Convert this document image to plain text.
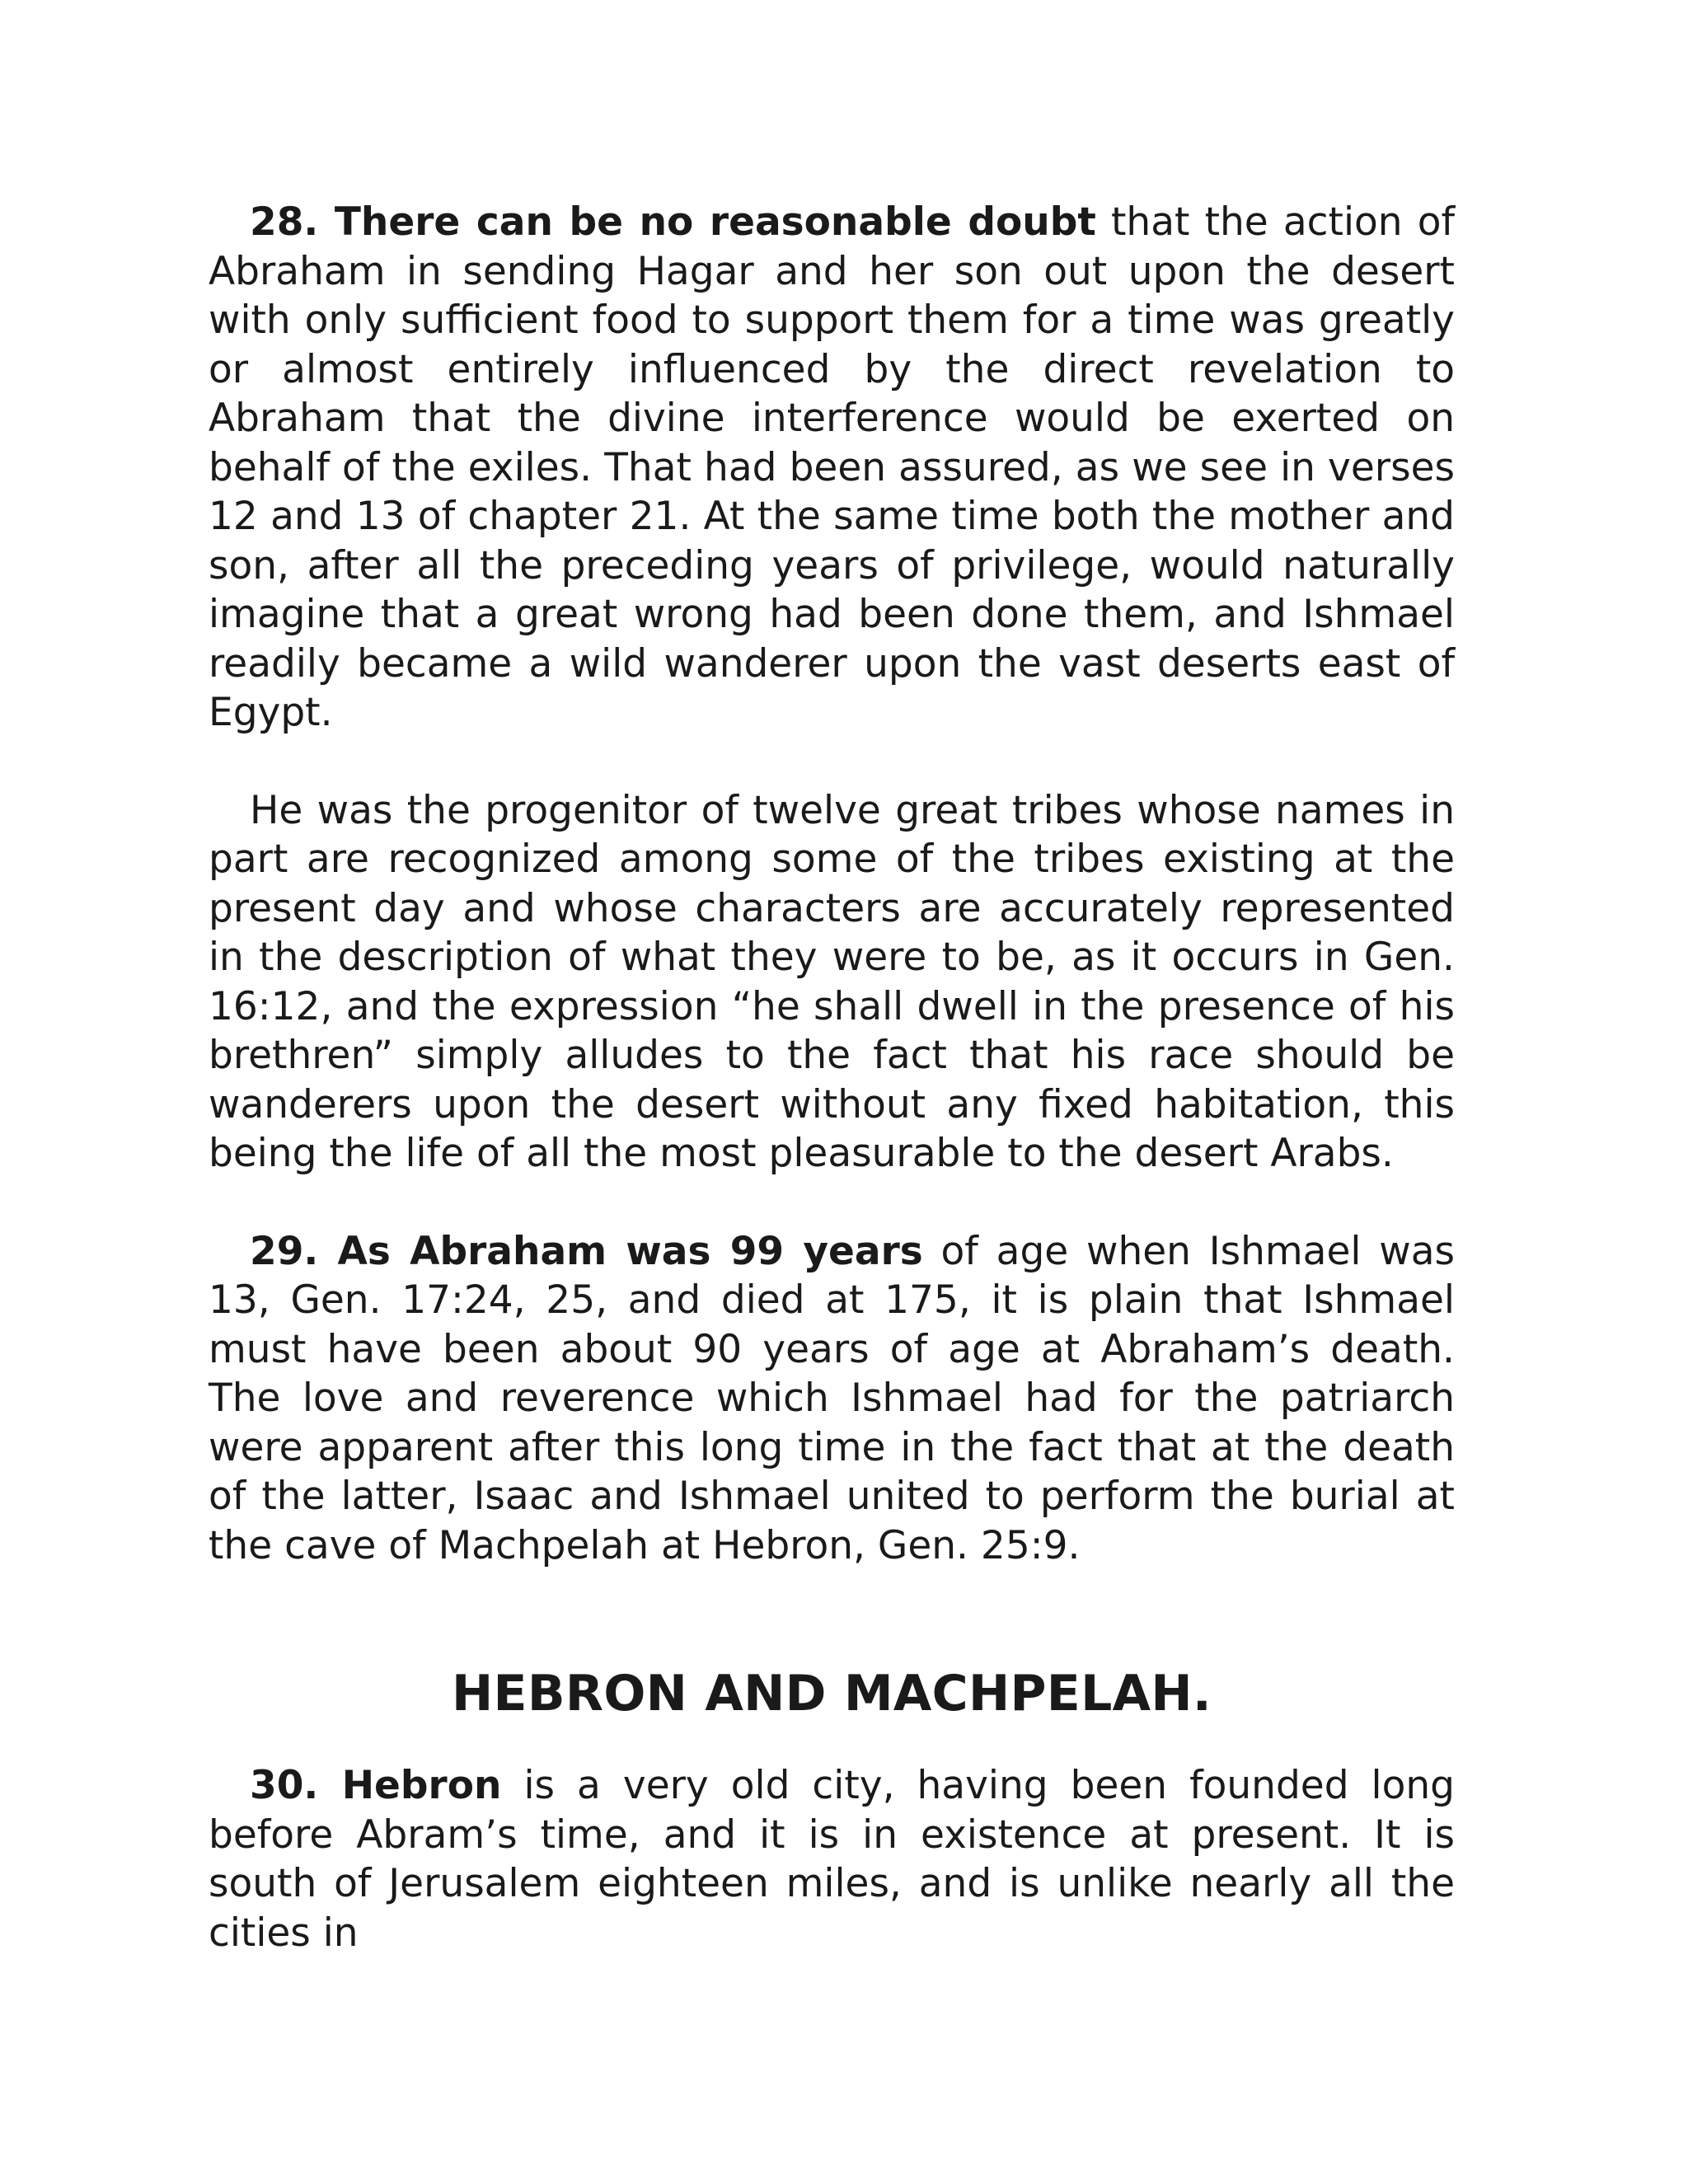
28. There can be no reasonable doubt that the action of Abraham in sending Hagar and her son out upon the desert with only sufficient food to support them for a time was greatly or almost entirely influenced by the direct revelation to Abraham that the divine interference would be exerted on behalf of the exiles. That had been assured, as we see in verses 12 and 13 of chapter 21. At the same time both the mother and son, after all the preceding years of privilege, would naturally imagine that a great wrong had been done them, and Ishmael readily became a wild wanderer upon the vast deserts east of Egypt.

He was the progenitor of twelve great tribes whose names in part are recognized among some of the tribes existing at the present day and whose characters are accurately represented in the description of what they were to be, as it occurs in Gen. 16:12, and the expression “he shall dwell in the presence of his brethren” simply alludes to the fact that his race should be wanderers upon the desert without any fixed habitation, this being the life of all the most pleasurable to the desert Arabs.

29. As Abraham was 99 years of age when Ishmael was 13, Gen. 17:24, 25, and died at 175, it is plain that Ishmael must have been about 90 years of age at Abraham’s death. The love and reverence which Ishmael had for the patriarch were apparent after this long time in the fact that at the death of the latter, Isaac and Ishmael united to perform the burial at the cave of Machpelah at Hebron, Gen. 25:9.

HEBRON AND MACHPELAH.

30. Hebron is a very old city, having been founded long before Abram’s time, and it is in existence at present. It is south of Jerusalem eighteen miles, and is unlike nearly all the cities in
